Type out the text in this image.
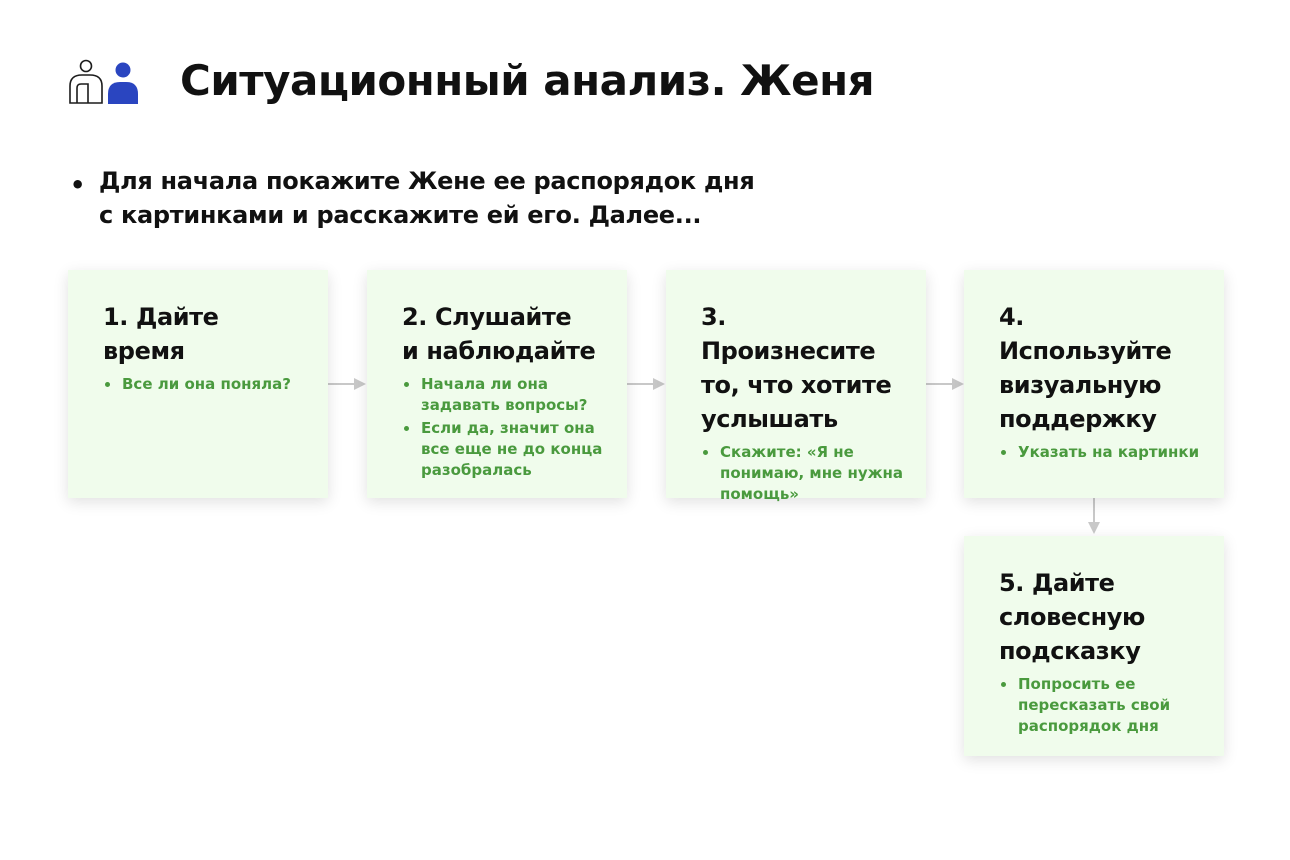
Ситуационный анализ. Женя
• Для начала покажите Жене ее распорядок дня

с картинками и расскажите ей его. Далее...

1. Дайте время
Все ли она поняла?
2. Слушайте
и наблюдайте
Начала ли она
задавать вопросы?
Если да, значит она
все еще не до конца
разобралась
3. Произнесите
то, что хотите
услышать
Скажите: «Я не
понимаю, мне нужна
помощь»
4. Используйте
визуальную
поддержку
Указать на картинки
5. Дайте
словесную
подсказку
Попросить ее
пересказать свой
распорядок дня
